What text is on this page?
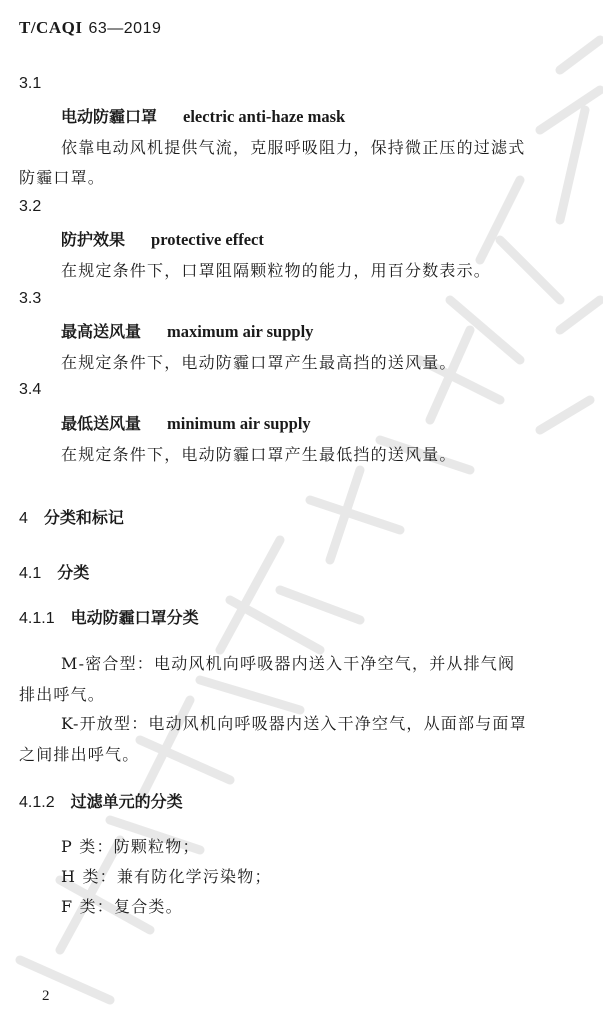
T/CAQI 63—2019
3.1
电动防霾口罩 electric anti-haze mask
依靠电动风机提供气流，克服呼吸阻力，保持微正压的过滤式
防霾口罩。
3.2
防护效果 protective effect
在规定条件下，口罩阻隔颗粒物的能力，用百分数表示。
3.3
最高送风量 maximum air supply
在规定条件下，电动防霾口罩产生最高挡的送风量。
3.4
最低送风量 minimum air supply
在规定条件下，电动防霾口罩产生最低挡的送风量。
4 分类和标记
4.1 分类
4.1.1 电动防霾口罩分类
M-密合型：电动风机向呼吸器内送入干净空气，并从排气阀
排出呼气。
K-开放型：电动风机向呼吸器内送入干净空气，从面部与面罩
之间排出呼气。
4.1.2 过滤单元的分类
P 类：防颗粒物；
H 类：兼有防化学污染物；
F 类：复合类。
2
